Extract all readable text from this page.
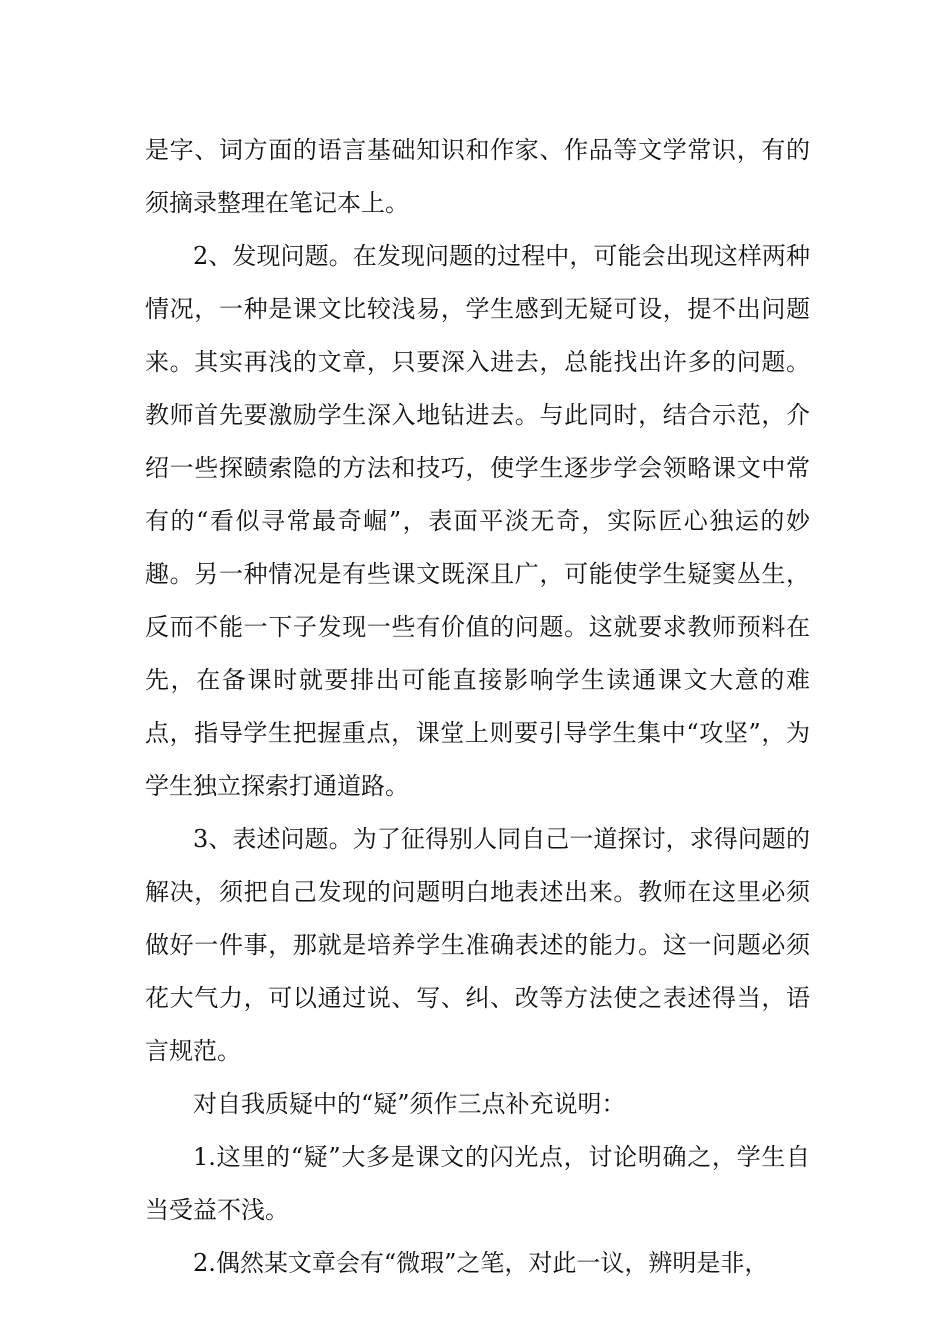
是字、词方面的语言基础知识和作家、作品等文学常识，有的须摘录整理在笔记本上。

2、发现问题。在发现问题的过程中，可能会出现这样两种情况，一种是课文比较浅易，学生感到无疑可设，提不出问题来。其实再浅的文章，只要深入进去，总能找出许多的问题。教师首先要激励学生深入地钻进去。与此同时，结合示范，介绍一些探赜索隐的方法和技巧，使学生逐步学会领略课文中常有的“看似寻常最奇崛”，表面平淡无奇，实际匠心独运的妙趣。另一种情况是有些课文既深且广，可能使学生疑窦丛生，反而不能一下子发现一些有价值的问题。这就要求教师预料在先，在备课时就要排出可能直接影响学生读通课文大意的难点，指导学生把握重点，课堂上则要引导学生集中“攻坚”，为学生独立探索打通道路。

3、表述问题。为了征得别人同自己一道探讨，求得问题的解决，须把自己发现的问题明白地表述出来。教师在这里必须做好一件事，那就是培养学生准确表述的能力。这一问题必须花大气力，可以通过说、写、纠、改等方法使之表述得当，语言规范。

对自我质疑中的“疑”须作三点补充说明：

1.这里的“疑”大多是课文的闪光点，讨论明确之，学生自当受益不浅。

2.偶然某文章会有“微瑕”之笔，对此一议，辨明是非，
